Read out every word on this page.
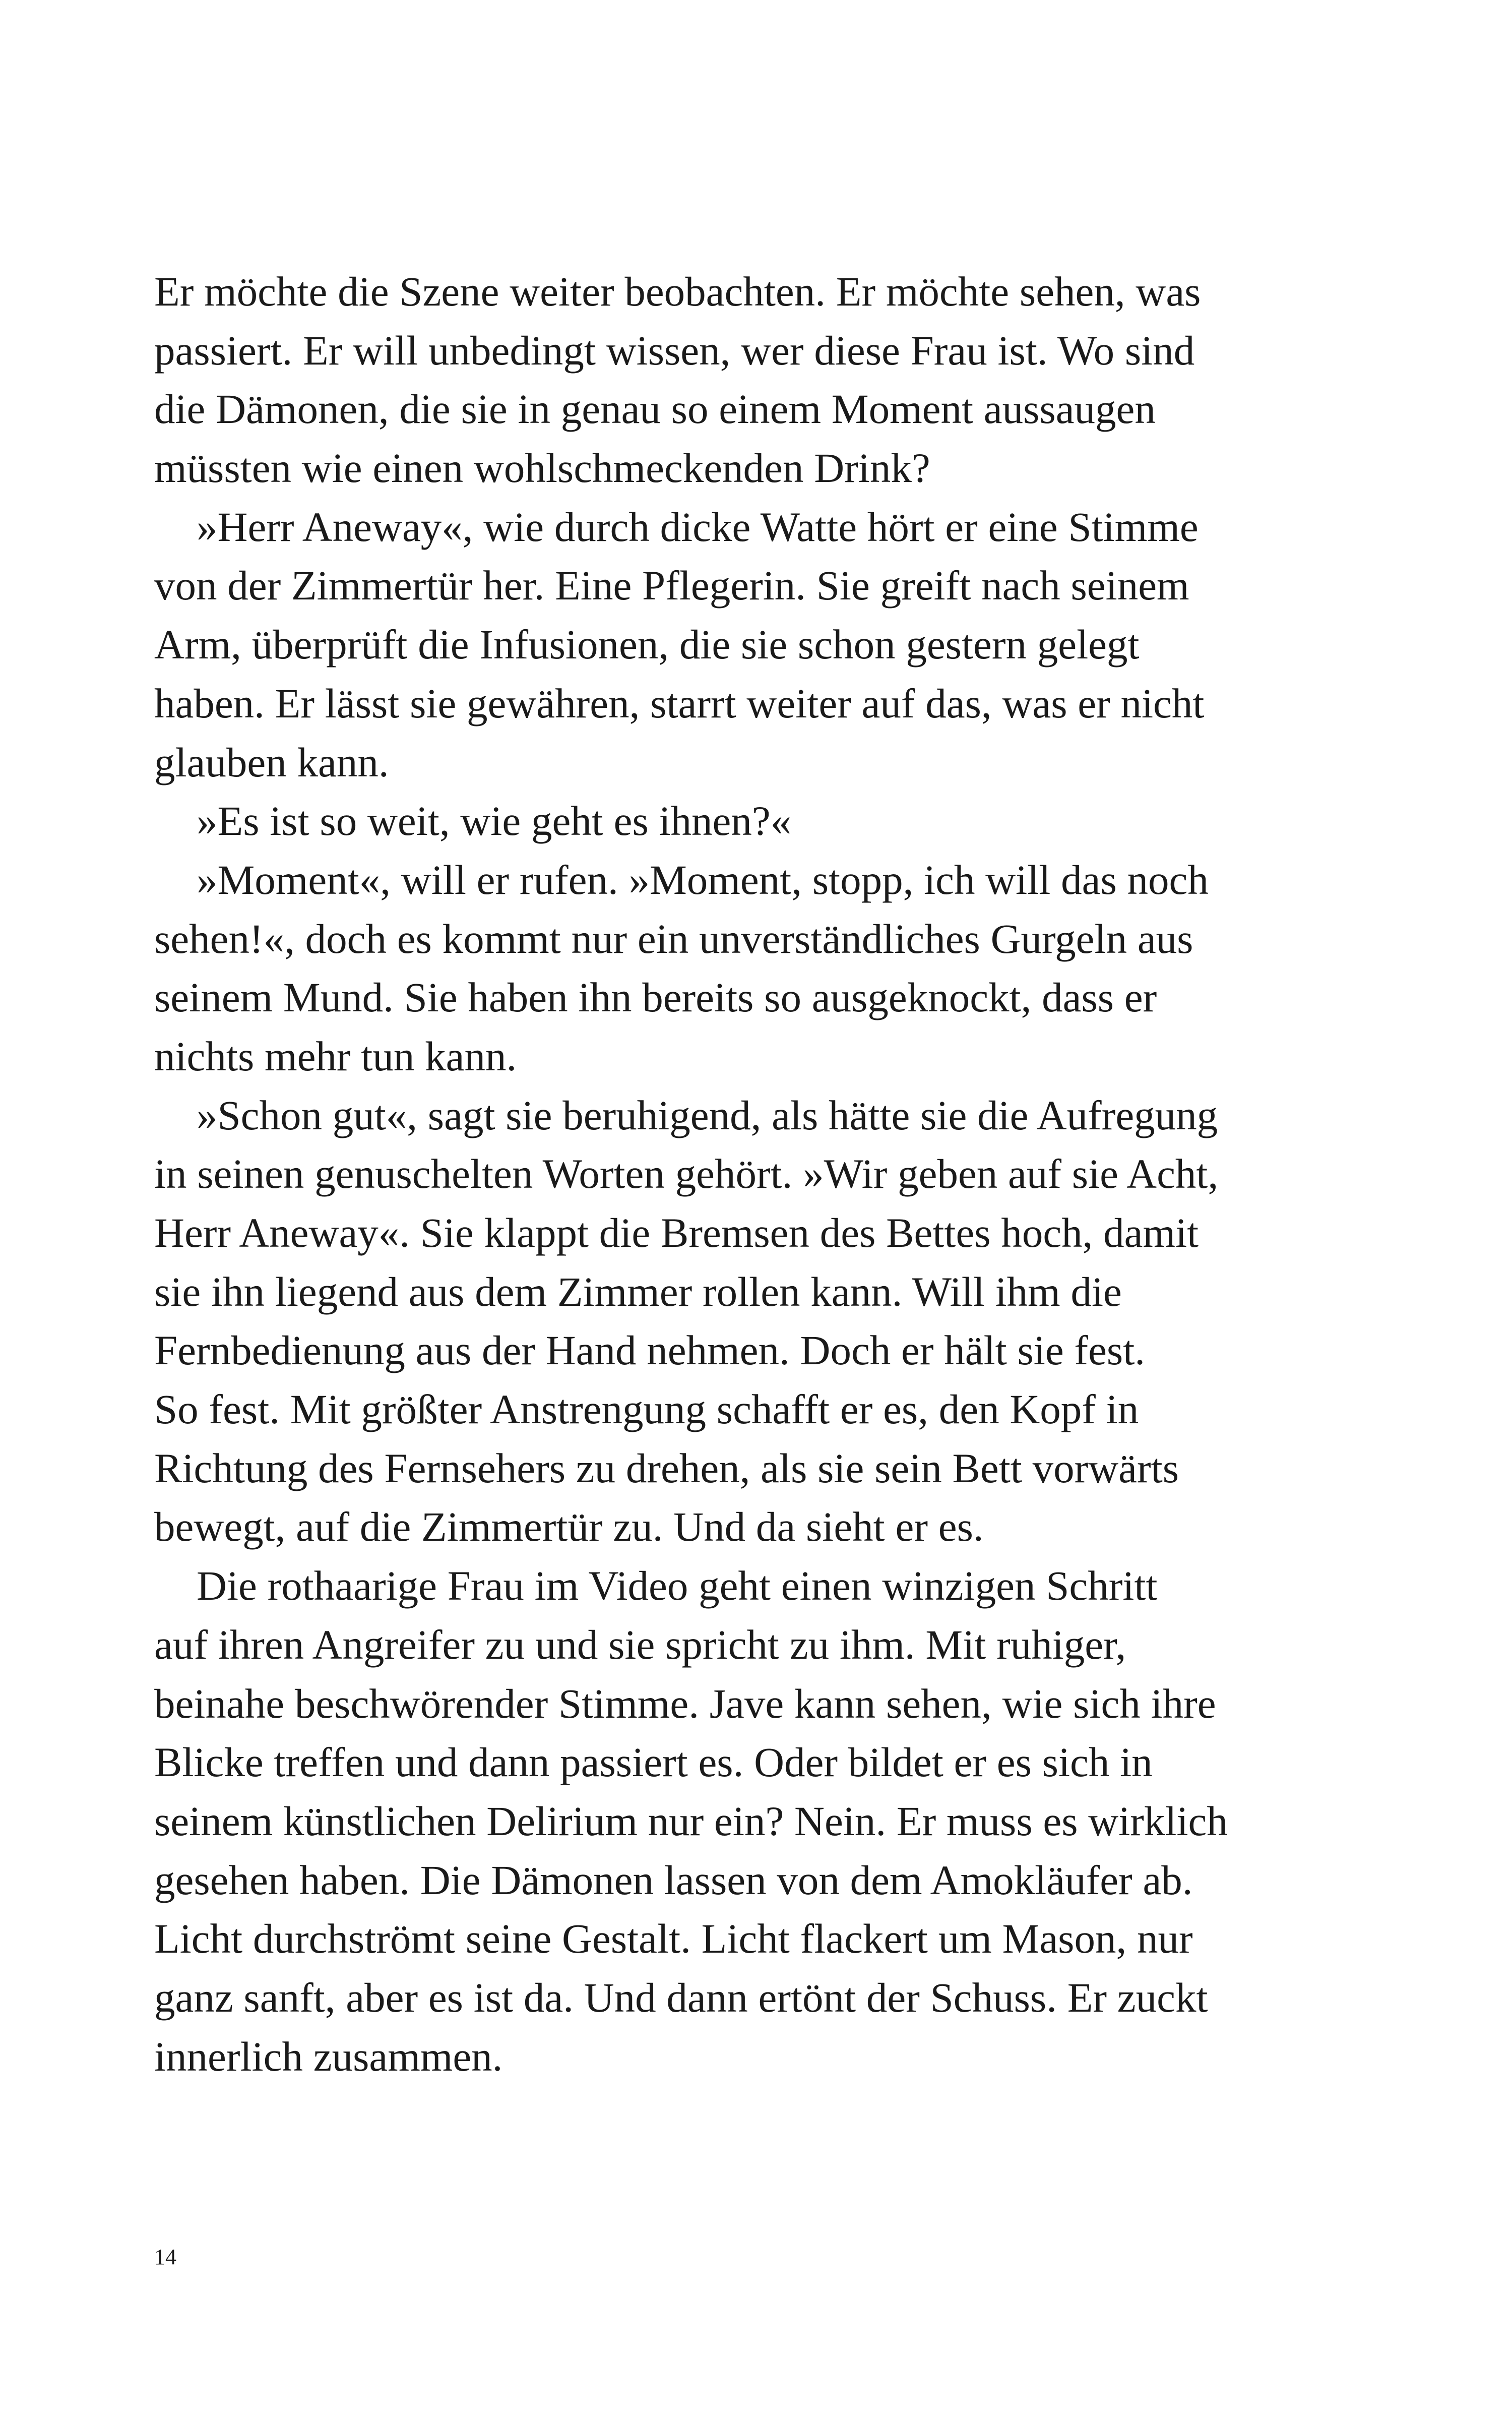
Er möchte die Szene weiter beobachten. Er möchte sehen, was
passiert. Er will unbedingt wissen, wer diese Frau ist. Wo sind
die Dämonen, die sie in genau so einem Moment aussaugen
müssten wie einen wohlschmeckenden Drink?
»Herr Aneway«, wie durch dicke Watte hört er eine Stimme
von der Zimmertür her. Eine Pflegerin. Sie greift nach seinem
Arm, überprüft die Infusionen, die sie schon gestern gelegt
haben. Er lässt sie gewähren, starrt weiter auf das, was er nicht
glauben kann.
»Es ist so weit, wie geht es ihnen?«
»Moment«, will er rufen. »Moment, stopp, ich will das noch
sehen!«, doch es kommt nur ein unverständliches Gurgeln aus
seinem Mund. Sie haben ihn bereits so ausgeknockt, dass er
nichts mehr tun kann.
»Schon gut«, sagt sie beruhigend, als hätte sie die Aufregung
in seinen genuschelten Worten gehört. »Wir geben auf sie Acht,
Herr Aneway«. Sie klappt die Bremsen des Bettes hoch, damit
sie ihn liegend aus dem Zimmer rollen kann. Will ihm die
Fernbedienung aus der Hand nehmen. Doch er hält sie fest.
So fest. Mit größter Anstrengung schafft er es, den Kopf in
Richtung des Fernsehers zu drehen, als sie sein Bett vorwärts
bewegt, auf die Zimmertür zu. Und da sieht er es.
Die rothaarige Frau im Video geht einen winzigen Schritt
auf ihren Angreifer zu und sie spricht zu ihm. Mit ruhiger,
beinahe beschwörender Stimme. Jave kann sehen, wie sich ihre
Blicke treffen und dann passiert es. Oder bildet er es sich in
seinem künstlichen Delirium nur ein? Nein. Er muss es wirklich
gesehen haben. Die Dämonen lassen von dem Amokläufer ab.
Licht durchströmt seine Gestalt. Licht flackert um Mason, nur
ganz sanft, aber es ist da. Und dann ertönt der Schuss. Er zuckt
innerlich zusammen.
14
